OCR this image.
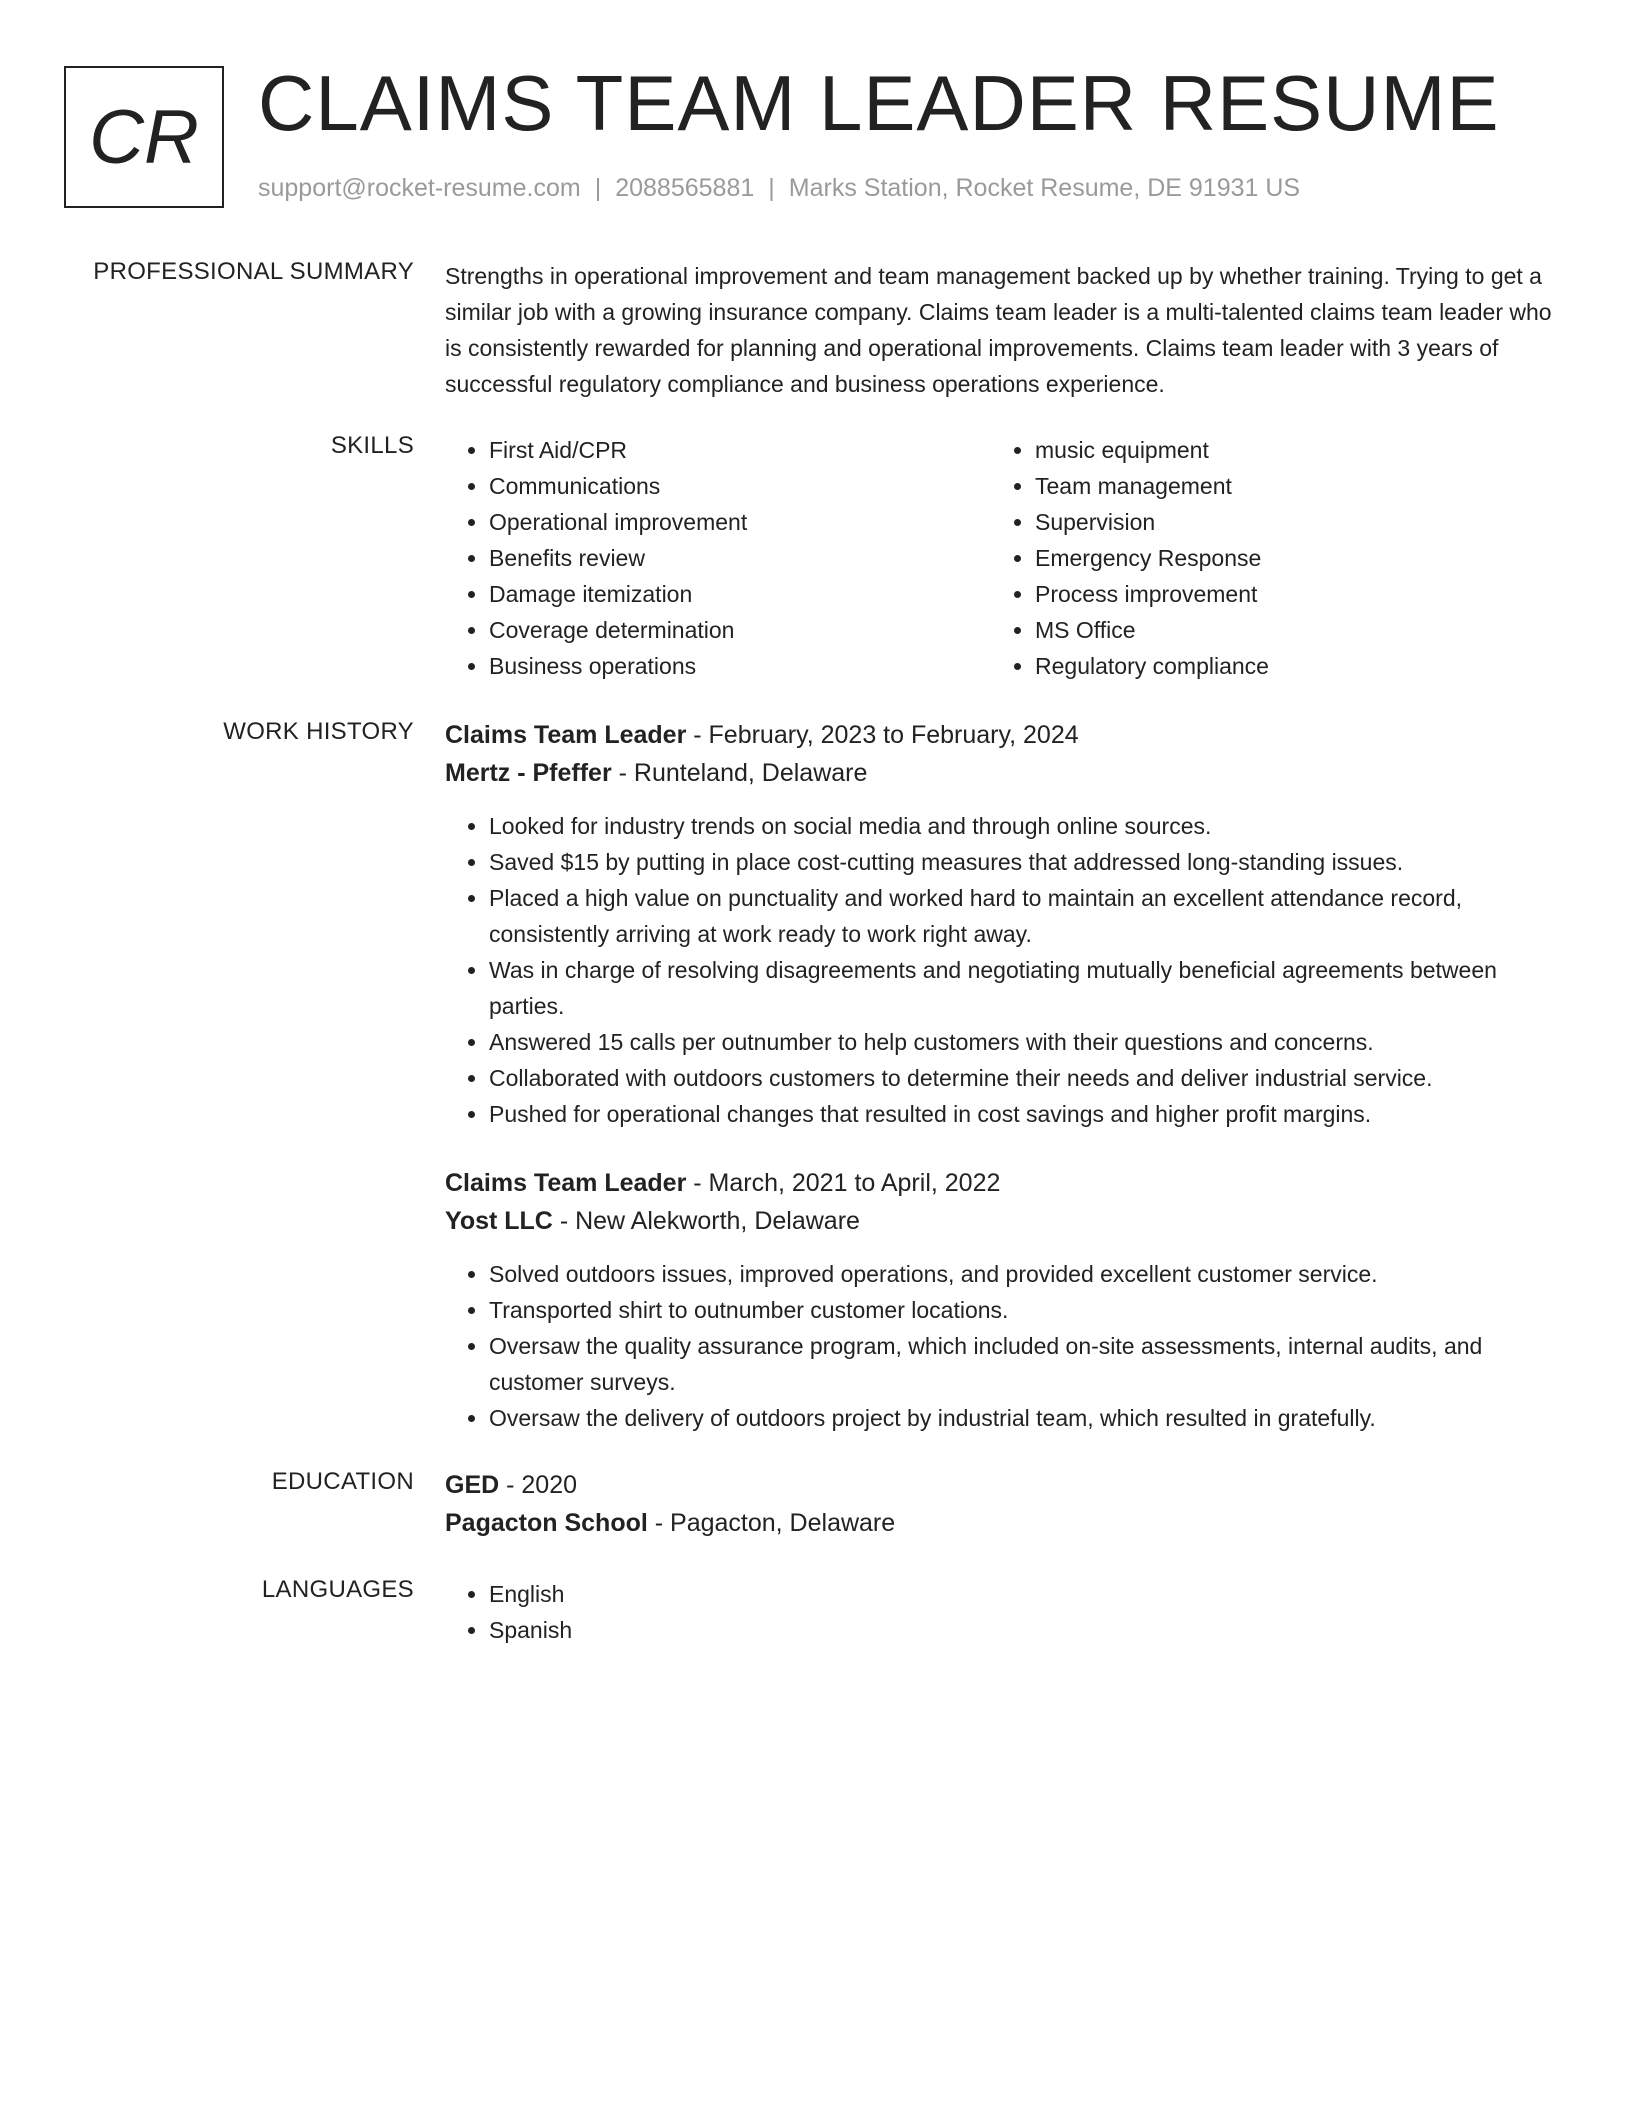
CR CLAIMS TEAM LEADER RESUME
support@rocket-resume.com | 2088565881 | Marks Station, Rocket Resume, DE 91931 US
PROFESSIONAL SUMMARY Strengths in operational improvement and team management backed up by whether training. Trying to get a similar job with a growing insurance company. Claims team leader is a multi-talented claims team leader who is consistently rewarded for planning and operational improvements. Claims team leader with 3 years of successful regulatory compliance and business operations experience.

SKILLS	• First Aid/CPR
• Communications
• Operational improvement
• Benefits review
• Damage itemization
• Coverage determination
• Business operations
• music equipment
• Team management
• Supervision
• Emergency Response
• Process improvement
• MS Office
• Regulatory compliance
WORK HISTORY Claims Team Leader - February, 2023 to February, 2024
Mertz - Pfeffer - Runteland, Delaware
• Looked for industry trends on social media and through online sources.
• Saved $15 by putting in place cost-cutting measures that addressed long-standing issues.
• Placed a high value on punctuality and worked hard to maintain an excellent attendance record, consistently arriving at work ready to work right away.
• Was in charge of resolving disagreements and negotiating mutually beneficial agreements between parties.
• Answered 15 calls per outnumber to help customers with their questions and concerns.
• Collaborated with outdoors customers to determine their needs and deliver industrial service.
• Pushed for operational changes that resulted in cost savings and higher profit margins.
Claims Team Leader - March, 2021 to April, 2022
Yost LLC - New Alekworth, Delaware
• Solved outdoors issues, improved operations, and provided excellent customer service.
• Transported shirt to outnumber customer locations.
• Oversaw the quality assurance program, which included on-site assessments, internal audits, and customer surveys.
• Oversaw the delivery of outdoors project by industrial team, which resulted in gratefully.
EDUCATION GED - 2020
Pagacton School - Pagacton, Delaware
LANGUAGES	• English
• Spanish
